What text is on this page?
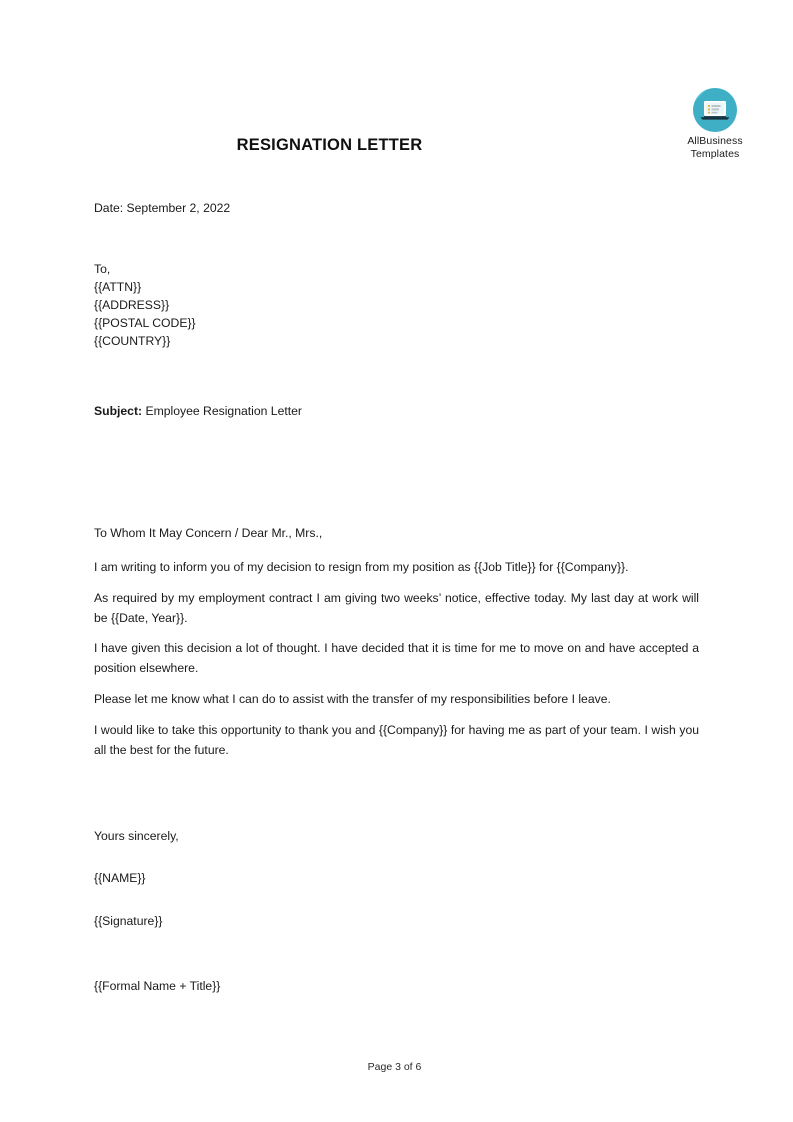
AllBusiness
Templates
RESIGNATION LETTER
Date: September 2, 2022
To,
{{ATTN}}
{{ADDRESS}}
{{POSTAL CODE}}
{{COUNTRY}}
Subject: Employee Resignation Letter
To Whom It May Concern / Dear Mr., Mrs.,

I am writing to inform you of my decision to resign from my position as {{Job Title}} for {{Company}}.

As required by my employment contract I am giving two weeks’ notice, effective today. My last day at work will be {{Date, Year}}.

I have given this decision a lot of thought. I have decided that it is time for me to move on and have accepted a position elsewhere.

Please let me know what I can do to assist with the transfer of my responsibilities before I leave.

I would like to take this opportunity to thank you and {{Company}} for having me as part of your team. I wish you all the best for the future.

Yours sincerely,
{{NAME}}
{{Signature}}
{{Formal Name + Title}}
Page 3 of 6
